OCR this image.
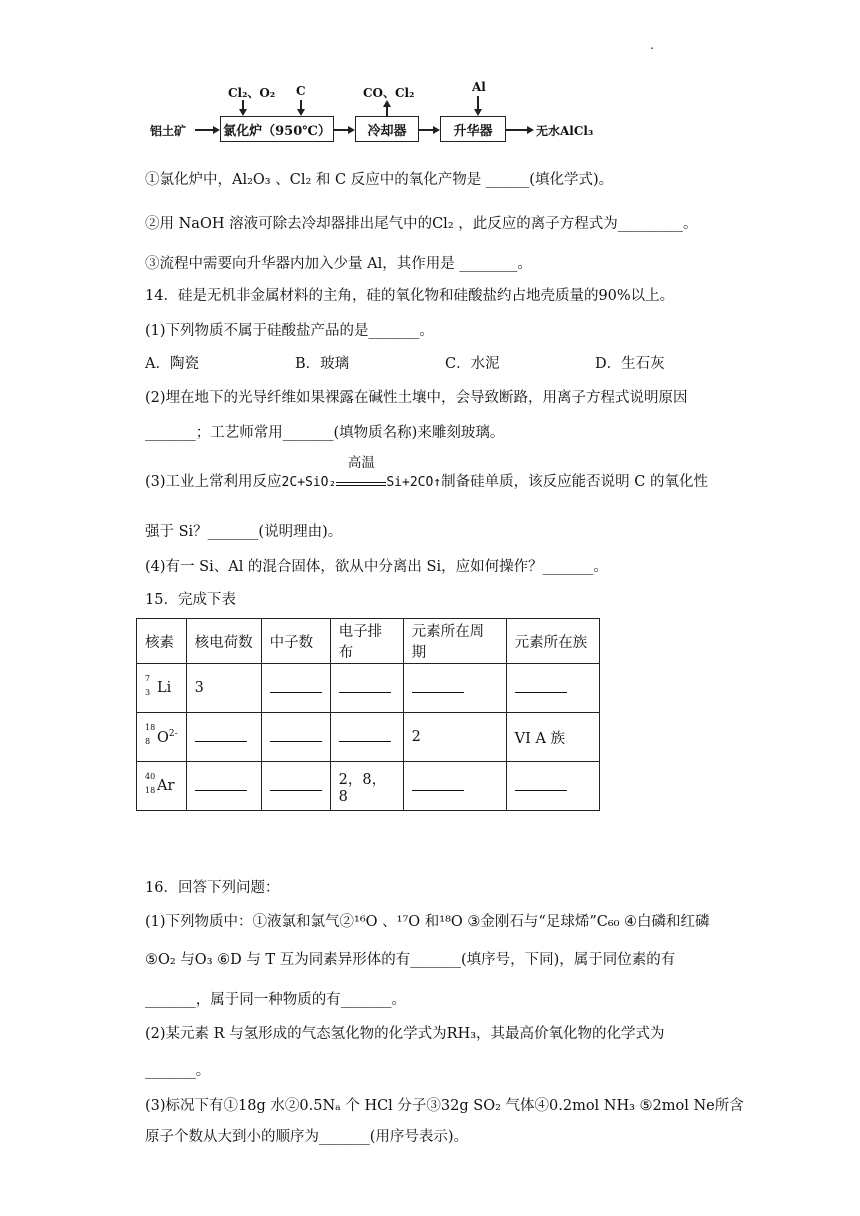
.
铝土矿	氯化炉（950℃）
Cl₂、O₂ C
冷却器
CO、Cl₂
升华器
Al
无水AlCl₃
①氯化炉中，Al₂O₃ 、Cl₂ 和 C 反应中的氧化产物是 ______(填化学式)。
②用 NaOH 溶液可除去冷却器排出尾气中的Cl₂ ，此反应的离子方程式为_________。
③流程中需要向升华器内加入少量 Al，其作用是 ________。
14．硅是无机非金属材料的主角，硅的氧化物和硅酸盐约占地壳质量的90%以上。
(1)下列物质不属于硅酸盐产品的是_______。
A．陶瓷	B．玻璃	C．水泥	D．生石灰
(2)埋在地下的光导纤维如果裸露在碱性土壤中，会导致断路，用离子方程式说明原因
_______；工艺师常用_______(填物质名称)来雕刻玻璃。
(3)工业上常利用反应2C+SiO₂
高温
Si+2CO↑制备硅单质，该反应能否说明 C 的氧化性
强于 Si？_______(说明理由)。
(4)有一 Si、Al 的混合固体，欲从中分离出 Si，应如何操作？_______。
15．完成下表
核素	核电荷数	中子数	电子排布	元素所在周期	元素所在族

7
3 Li	3				

18
8 $O^{2-}$				2	VI A 族

40
18 Ar			2，8，8		
16．回答下列问题：
(1)下列物质中：①液氯和氯气②¹⁶O 、¹⁷O 和¹⁸O ③金刚石与“足球烯”C₆₀ ④白磷和红磷
⑤O₂ 与O₃ ⑥D 与 T 互为同素异形体的有_______(填序号，下同)，属于同位素的有
_______，属于同一种物质的有_______。
(2)某元素 R 与氢形成的气态氢化物的化学式为RH₃，其最高价氧化物的化学式为
_______。
(3)标况下有①18g 水②0.5Nₐ 个 HCl 分子③32g SO₂ 气体④0.2mol NH₃ ⑤2mol Ne所含
原子个数从大到小的顺序为_______(用序号表示)。
